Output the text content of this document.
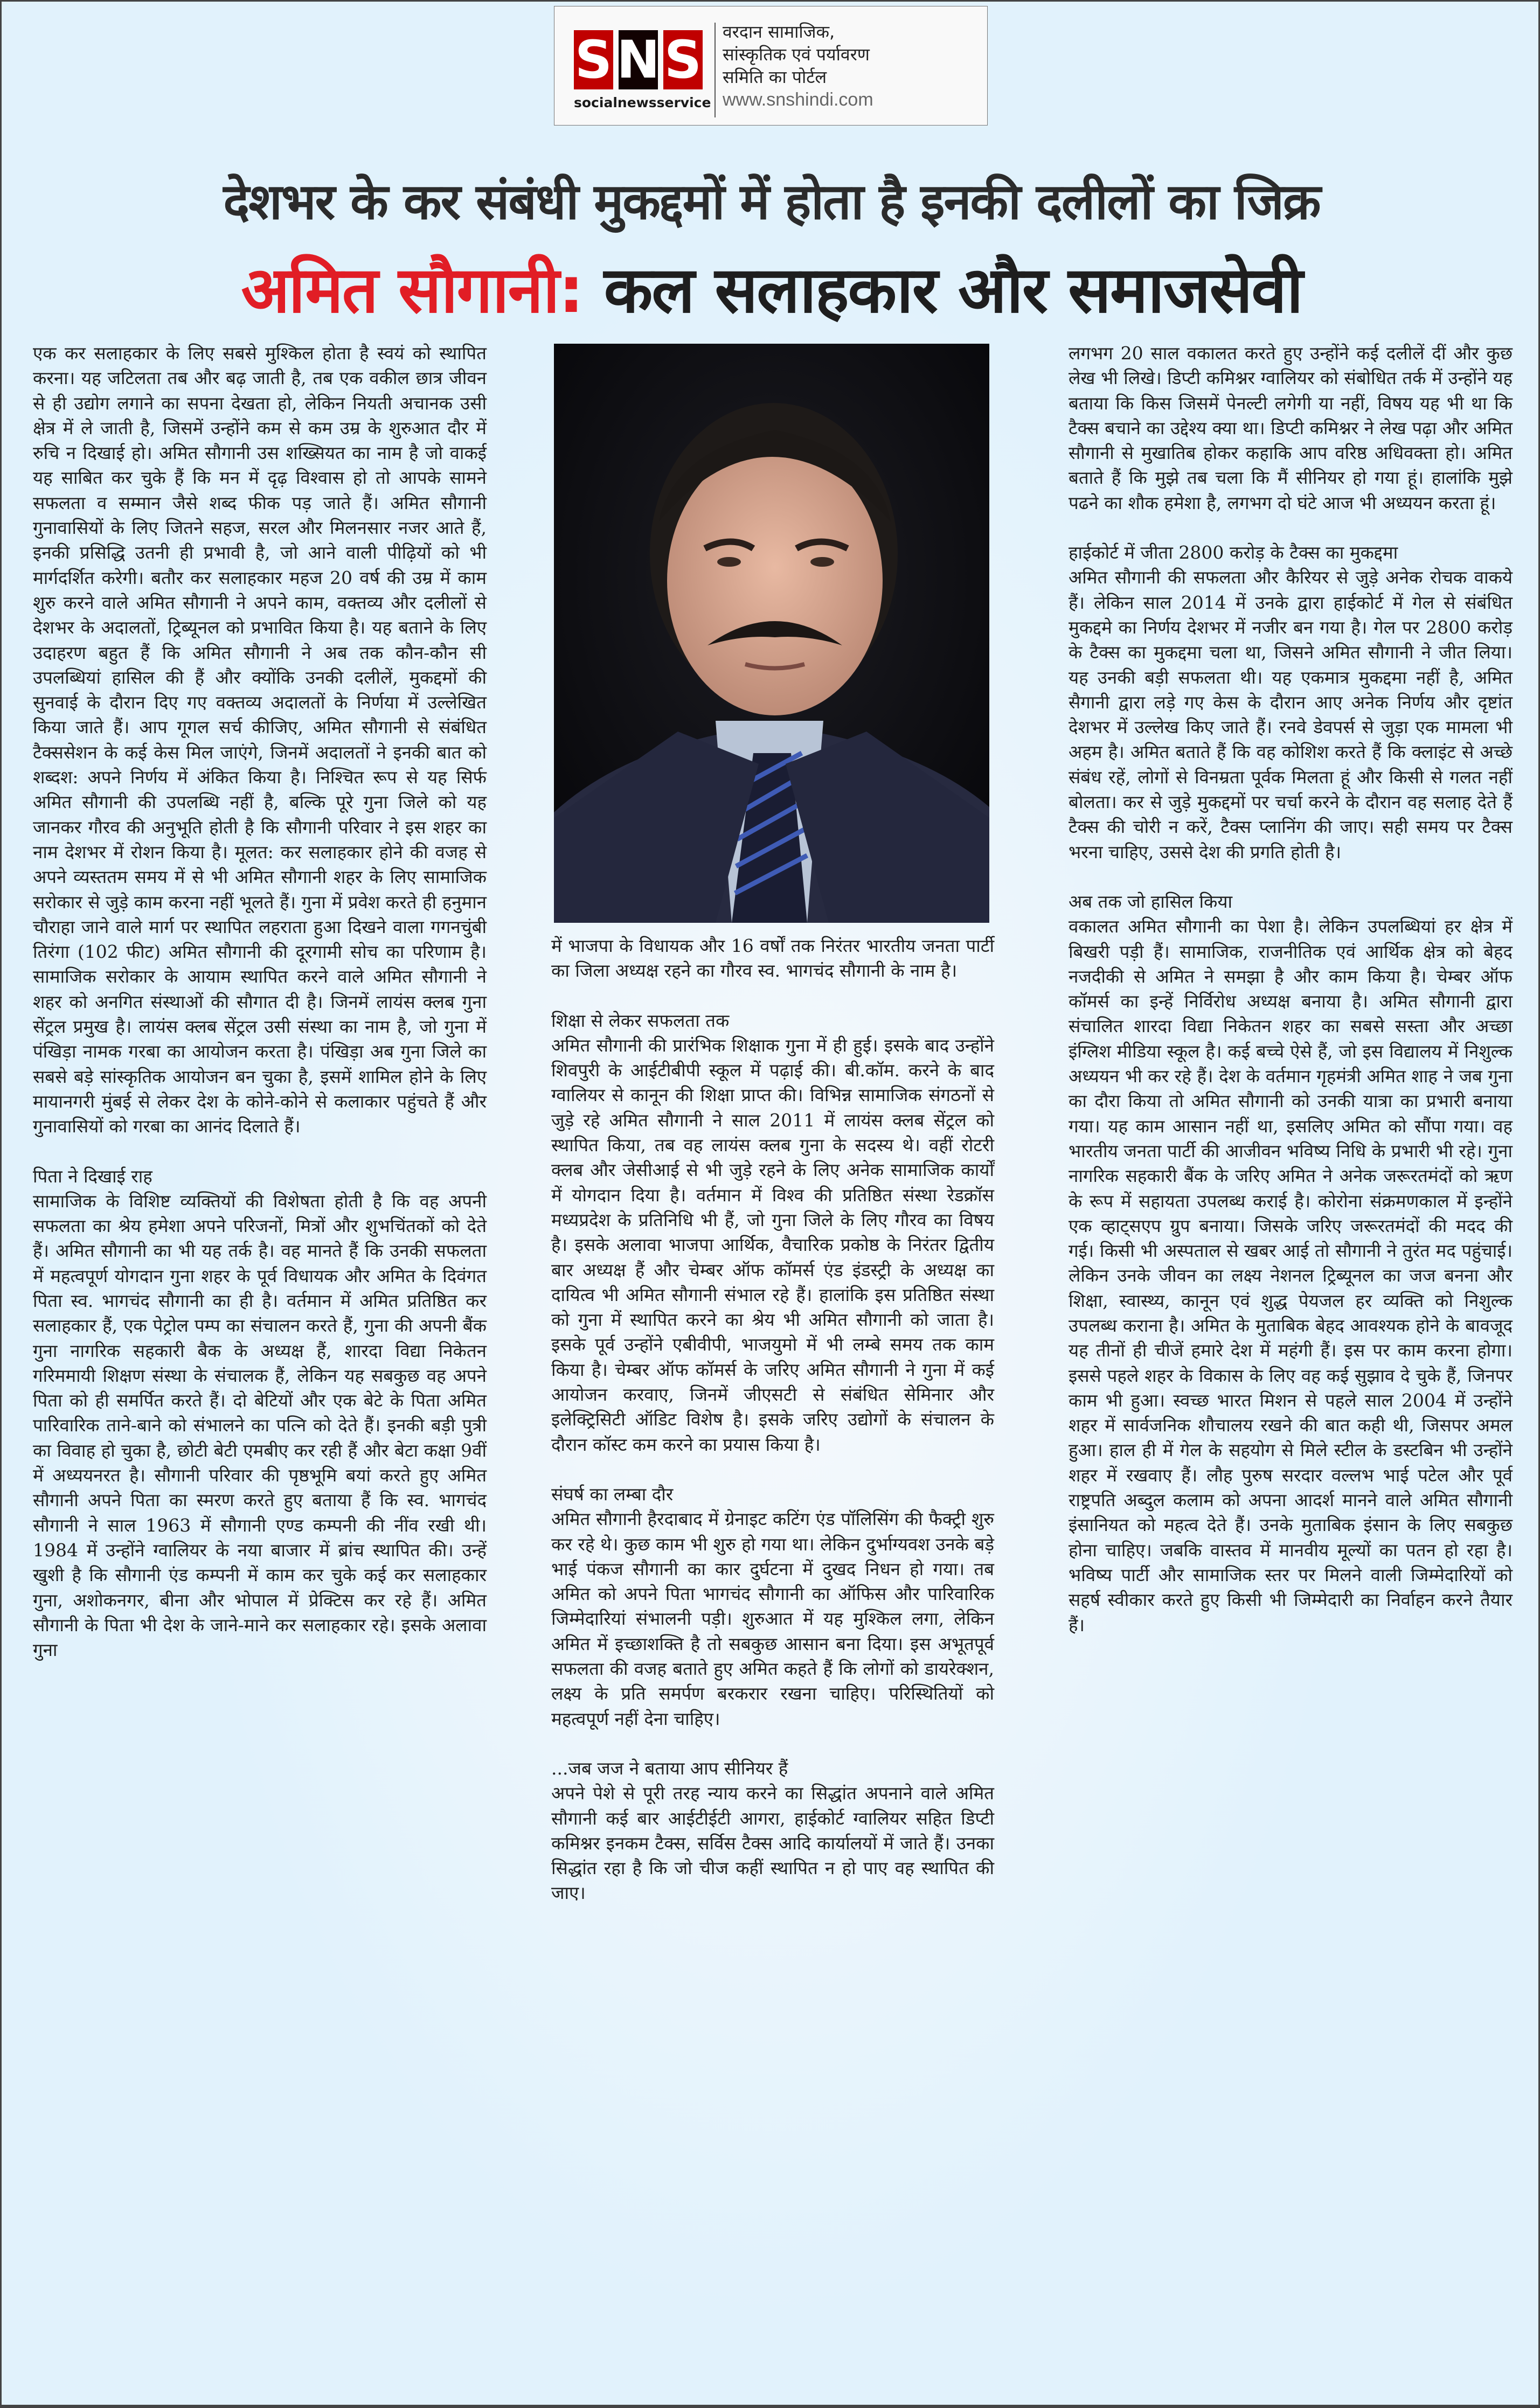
S N S
social news service
वरदान सामाजिक,
सांस्कृतिक एवं पर्यावरण
समिति का पोर्टल
www.snshindi.com
देशभर के कर संबंधी मुकद्दमों में होता है इनकी दलीलों का जिक्र
अमित सौगानी: कल सलाहकार और समाजसेवी

एक कर सलाहकार के लिए सबसे मुश्किल होता है स्वयं को स्थापित करना। यह जटिलता तब और बढ़ जाती है, तब एक वकील छात्र जीवन से ही उद्योग लगाने का सपना देखता हो, लेकिन नियती अचानक उसी क्षेत्र में ले जाती है, जिसमें उन्होंने कम से कम उम्र के शुरुआत दौर में रुचि न दिखाई हो। अमित सौगानी उस शख्सियत का नाम है जो वाकई यह साबित कर चुके हैं कि मन में दृढ़ विश्वास हो तो आपके सामने सफलता व सम्मान जैसे शब्द फीक पड़ जाते हैं। अमित सौगानी गुनावासियों के लिए जितने सहज, सरल और मिलनसार नजर आते हैं, इनकी प्रसिद्धि उतनी ही प्रभावी है, जो आने वाली पीढ़ियों को भी मार्गदर्शित करेगी। बतौर कर सलाहकार महज 20 वर्ष की उम्र में काम शुरु करने वाले अमित सौगानी ने अपने काम, वक्तव्य और दलीलों से देशभर के अदालतों, ट्रिब्यूनल को प्रभावित किया है। यह बताने के लिए उदाहरण बहुत हैं कि अमित सौगानी ने अब तक कौन-कौन सी उपलब्धियां हासिल की हैं और क्योंकि उनकी दलीलें, मुकद्दमों की सुनवाई के दौरान दिए गए वक्तव्य अदालतों के निर्णया में उल्लेखित किया जाते हैं। आप गूगल सर्च कीजिए, अमित सौगानी से संबंधित टैक्ससेशन के कई केस मिल जाएंगे, जिनमें अदालतों ने इनकी बात को शब्दश: अपने निर्णय में अंकित किया है। निश्चित रूप से यह सिर्फ अमित सौगानी की उपलब्धि नहीं है, बल्कि पूरे गुना जिले को यह जानकर गौरव की अनुभूति होती है कि सौगानी परिवार ने इस शहर का नाम देशभर में रोशन किया है। मूलत: कर सलाहकार होने की वजह से अपने व्यस्ततम समय में से भी अमित सौगानी शहर के लिए सामाजिक सरोकार से जुड़े काम करना नहीं भूलते हैं। गुना में प्रवेश करते ही हनुमान चौराहा जाने वाले मार्ग पर स्थापित लहराता हुआ दिखने वाला गगनचुंबी तिरंगा (102 फीट) अमित सौगानी की दूरगामी सोच का परिणाम है। सामाजिक सरोकार के आयाम स्थापित करने वाले अमित सौगानी ने शहर को अनगित संस्थाओं की सौगात दी है। जिनमें लायंस क्लब गुना सेंट्रल प्रमुख है। लायंस क्लब सेंट्रल उसी संस्था का नाम है, जो गुना में पंखिड़ा नामक गरबा का आयोजन करता है। पंखिड़ा अब गुना जिले का सबसे बड़े सांस्कृतिक आयोजन बन चुका है, इसमें शामिल होने के लिए मायानगरी मुंबई से लेकर देश के कोने-कोने से कलाकार पहुंचते हैं और गुनावासियों को गरबा का आनंद दिलाते हैं।

पिता ने दिखाई राह

सामाजिक के विशिष्ट व्यक्तियों की विशेषता होती है कि वह अपनी सफलता का श्रेय हमेशा अपने परिजनों, मित्रों और शुभचिंतकों को देते हैं। अमित सौगानी का भी यह तर्क है। वह मानते हैं कि उनकी सफलता में महत्वपूर्ण योगदान गुना शहर के पूर्व विधायक और अमित के दिवंगत पिता स्व. भागचंद सौगानी का ही है। वर्तमान में अमित प्रतिष्ठित कर सलाहकार हैं, एक पेट्रोल पम्प का संचालन करते हैं, गुना की अपनी बैंक गुना नागरिक सहकारी बैक के अध्यक्ष हैं, शारदा विद्या निकेतन गरिममायी शिक्षण संस्था के संचालक हैं, लेकिन यह सबकुछ वह अपने पिता को ही समर्पित करते हैं। दो बेटियों और एक बेटे के पिता अमित पारिवारिक ताने-बाने को संभालने का पत्नि को देते हैं। इनकी बड़ी पुत्री का विवाह हो चुका है, छोटी बेटी एमबीए कर रही हैं और बेटा कक्षा 9वीं में अध्ययनरत है। सौगानी परिवार की पृष्ठभूमि बयां करते हुए अमित सौगानी अपने पिता का स्मरण करते हुए बताया हैं कि स्व. भागचंद सौगानी ने साल 1963 में सौगानी एण्ड कम्पनी की नींव रखी थी। 1984 में उन्होंने ग्वालियर के नया बाजार में ब्रांच स्थापित की। उन्हें खुशी है कि सौगानी एंड कम्पनी में काम कर चुके कई कर सलाहकार गुना, अशोकनगर, बीना और भोपाल में प्रेक्टिस कर रहे हैं। अमित सौगानी के पिता भी देश के जाने-माने कर सलाहकार रहे। इसके अलावा गुना

में भाजपा के विधायक और 16 वर्षों तक निरंतर भारतीय जनता पार्टी का जिला अध्यक्ष रहने का गौरव स्व. भागचंद सौगानी के नाम है।

शिक्षा से लेकर सफलता तक

अमित सौगानी की प्रारंभिक शिक्षाक गुना में ही हुई। इसके बाद उन्होंने शिवपुरी के आईटीबीपी स्कूल में पढ़ाई की। बी.कॉम. करने के बाद ग्वालियर से कानून की शिक्षा प्राप्त की। विभिन्न सामाजिक संगठनों से जुड़े रहे अमित सौगानी ने साल 2011 में लायंस क्लब सेंट्रल को स्थापित किया, तब वह लायंस क्लब गुना के सदस्य थे। वहीं रोटरी क्लब और जेसीआई से भी जुड़े रहने के लिए अनेक सामाजिक कार्यों में योगदान दिया है। वर्तमान में विश्व की प्रतिष्ठित संस्था रेडक्रॉस मध्यप्रदेश के प्रतिनिधि भी हैं, जो गुना जिले के लिए गौरव का विषय है। इसके अलावा भाजपा आर्थिक, वैचारिक प्रकोष्ठ के निरंतर द्वितीय बार अध्यक्ष हैं और चेम्बर ऑफ कॉमर्स एंड इंडस्ट्री के अध्यक्ष का दायित्व भी अमित सौगानी संभाल रहे हैं। हालांकि इस प्रतिष्ठित संस्था को गुना में स्थापित करने का श्रेय भी अमित सौगानी को जाता है। इसके पूर्व उन्होंने एबीवीपी, भाजयुमो में भी लम्बे समय तक काम किया है। चेम्बर ऑफ कॉमर्स के जरिए अमित सौगानी ने गुना में कई आयोजन करवाए, जिनमें जीएसटी से संबंधित सेमिनार और इलेक्ट्रिसिटी ऑडिट विशेष है। इसके जरिए उद्योगों के संचालन के दौरान कॉस्ट कम करने का प्रयास किया है।

संघर्ष का लम्बा दौर

अमित सौगानी हैरदाबाद में ग्रेनाइट कटिंग एंड पॉलिसिंग की फैक्ट्री शुरु कर रहे थे। कुछ काम भी शुरु हो गया था। लेकिन दुर्भाग्यवश उनके बड़े भाई पंकज सौगानी का कार दुर्घटना में दुखद निधन हो गया। तब अमित को अपने पिता भागचंद सौगानी का ऑफिस और पारिवारिक जिम्मेदारियां संभालनी पड़ी। शुरुआत में यह मुश्किल लगा, लेकिन अमित में इच्छाशक्ति है तो सबकुछ आसान बना दिया। इस अभूतपूर्व सफलता की वजह बताते हुए अमित कहते हैं कि लोगों को डायरेक्शन, लक्ष्य के प्रति समर्पण बरकरार रखना चाहिए। परिस्थितियों को महत्वपूर्ण नहीं देना चाहिए।

...जब जज ने बताया आप सीनियर हैं

अपने पेशे से पूरी तरह न्याय करने का सिद्धांत अपनाने वाले अमित सौगानी कई बार आईटीईटी आगरा, हाईकोर्ट ग्वालियर सहित डिप्टी कमिश्नर इनकम टैक्स, सर्विस टैक्स आदि कार्यालयों में जाते हैं। उनका सिद्धांत रहा है कि जो चीज कहीं स्थापित न हो पाए वह स्थापित की जाए।

लगभग 20 साल वकालत करते हुए उन्होंने कई दलीलें दीं और कुछ लेख भी लिखे। डिप्टी कमिश्नर ग्वालियर को संबोधित तर्क में उन्होंने यह बताया कि किस जिसमें पेनल्टी लगेगी या नहीं, विषय यह भी था कि टैक्स बचाने का उद्देश्य क्या था। डिप्टी कमिश्नर ने लेख पढ़ा और अमित सौगानी से मुखातिब होकर कहाकि आप वरिष्ठ अधिवक्ता हो। अमित बताते हैं कि मुझे तब चला कि मैं सीनियर हो गया हूं। हालांकि मुझे पढने का शौक हमेशा है, लगभग दो घंटे आज भी अध्ययन करता हूं।

हाईकोर्ट में जीता 2800 करोड़ के टैक्स का मुकद्दमा

अमित सौगानी की सफलता और कैरियर से जुड़े अनेक रोचक वाकये हैं। लेकिन साल 2014 में उनके द्वारा हाईकोर्ट में गेल से संबंधित मुकद्दमे का निर्णय देशभर में नजीर बन गया है। गेल पर 2800 करोड़ के टैक्स का मुकद्दमा चला था, जिसने अमित सौगानी ने जीत लिया। यह उनकी बड़ी सफलता थी। यह एकमात्र मुकद्दमा नहीं है, अमित सैगानी द्वारा लड़े गए केस के दौरान आए अनेक निर्णय और दृष्टांत देशभर में उल्लेख किए जाते हैं। रनवे डेवपर्स से जुड़ा एक मामला भी अहम है। अमित बताते हैं कि वह कोशिश करते हैं कि क्लाइंट से अच्छे संबंध रहें, लोगों से विनम्रता पूर्वक मिलता हूं और किसी से गलत नहीं बोलता। कर से जुड़े मुकद्दमों पर चर्चा करने के दौरान वह सलाह देते हैं टैक्स की चोरी न करें, टैक्स प्लानिंग की जाए। सही समय पर टैक्स भरना चाहिए, उससे देश की प्रगति होती है।

अब तक जो हासिल किया

वकालत अमित सौगानी का पेशा है। लेकिन उपलब्धियां हर क्षेत्र में बिखरी पड़ी हैं। सामाजिक, राजनीतिक एवं आर्थिक क्षेत्र को बेहद नजदीकी से अमित ने समझा है और काम किया है। चेम्बर ऑफ कॉमर्स का इन्हें निर्विरोध अध्यक्ष बनाया है। अमित सौगानी द्वारा संचालित शारदा विद्या निकेतन शहर का सबसे सस्ता और अच्छा इंग्लिश मीडिया स्कूल है। कई बच्चे ऐसे हैं, जो इस विद्यालय में निशुल्क अध्ययन भी कर रहे हैं। देश के वर्तमान गृहमंत्री अमित शाह ने जब गुना का दौरा किया तो अमित सौगानी को उनकी यात्रा का प्रभारी बनाया गया। यह काम आसान नहीं था, इसलिए अमित को सौंपा गया। वह भारतीय जनता पार्टी की आजीवन भविष्य निधि के प्रभारी भी रहे। गुना नागरिक सहकारी बैंक के जरिए अमित ने अनेक जरूरतमंदों को ऋण के रूप में सहायता उपलब्ध कराई है। कोरोना संक्रमणकाल में इन्होंने एक व्हाट्सएप ग्रुप बनाया। जिसके जरिए जरूरतमंदों की मदद की गई। किसी भी अस्पताल से खबर आई तो सौगानी ने तुरंत मद पहुंचाई। लेकिन उनके जीवन का लक्ष्य नेशनल ट्रिब्यूनल का जज बनना और शिक्षा, स्वास्थ्य, कानून एवं शुद्ध पेयजल हर व्यक्ति को निशुल्क उपलब्ध कराना है। अमित के मुताबिक बेहद आवश्यक होने के बावजूद यह तीनों ही चीजें हमारे देश में महंगी हैं। इस पर काम करना होगा। इससे पहले शहर के विकास के लिए वह कई सुझाव दे चुके हैं, जिनपर काम भी हुआ। स्वच्छ भारत मिशन से पहले साल 2004 में उन्होंने शहर में सार्वजनिक शौचालय रखने की बात कही थी, जिसपर अमल हुआ। हाल ही में गेल के सहयोग से मिले स्टील के डस्टबिन भी उन्होंने शहर में रखवाए हैं। लौह पुरुष सरदार वल्लभ भाई पटेल और पूर्व राष्ट्रपति अब्दुल कलाम को अपना आदर्श मानने वाले अमित सौगानी इंसानियत को महत्व देते हैं। उनके मुताबिक इंसान के लिए सबकुछ होना चाहिए। जबकि वास्तव में मानवीय मूल्यों का पतन हो रहा है। भविष्य पार्टी और सामाजिक स्तर पर मिलने वाली जिम्मेदारियों को सहर्ष स्वीकार करते हुए किसी भी जिम्मेदारी का निर्वाहन करने तैयार हैं।
